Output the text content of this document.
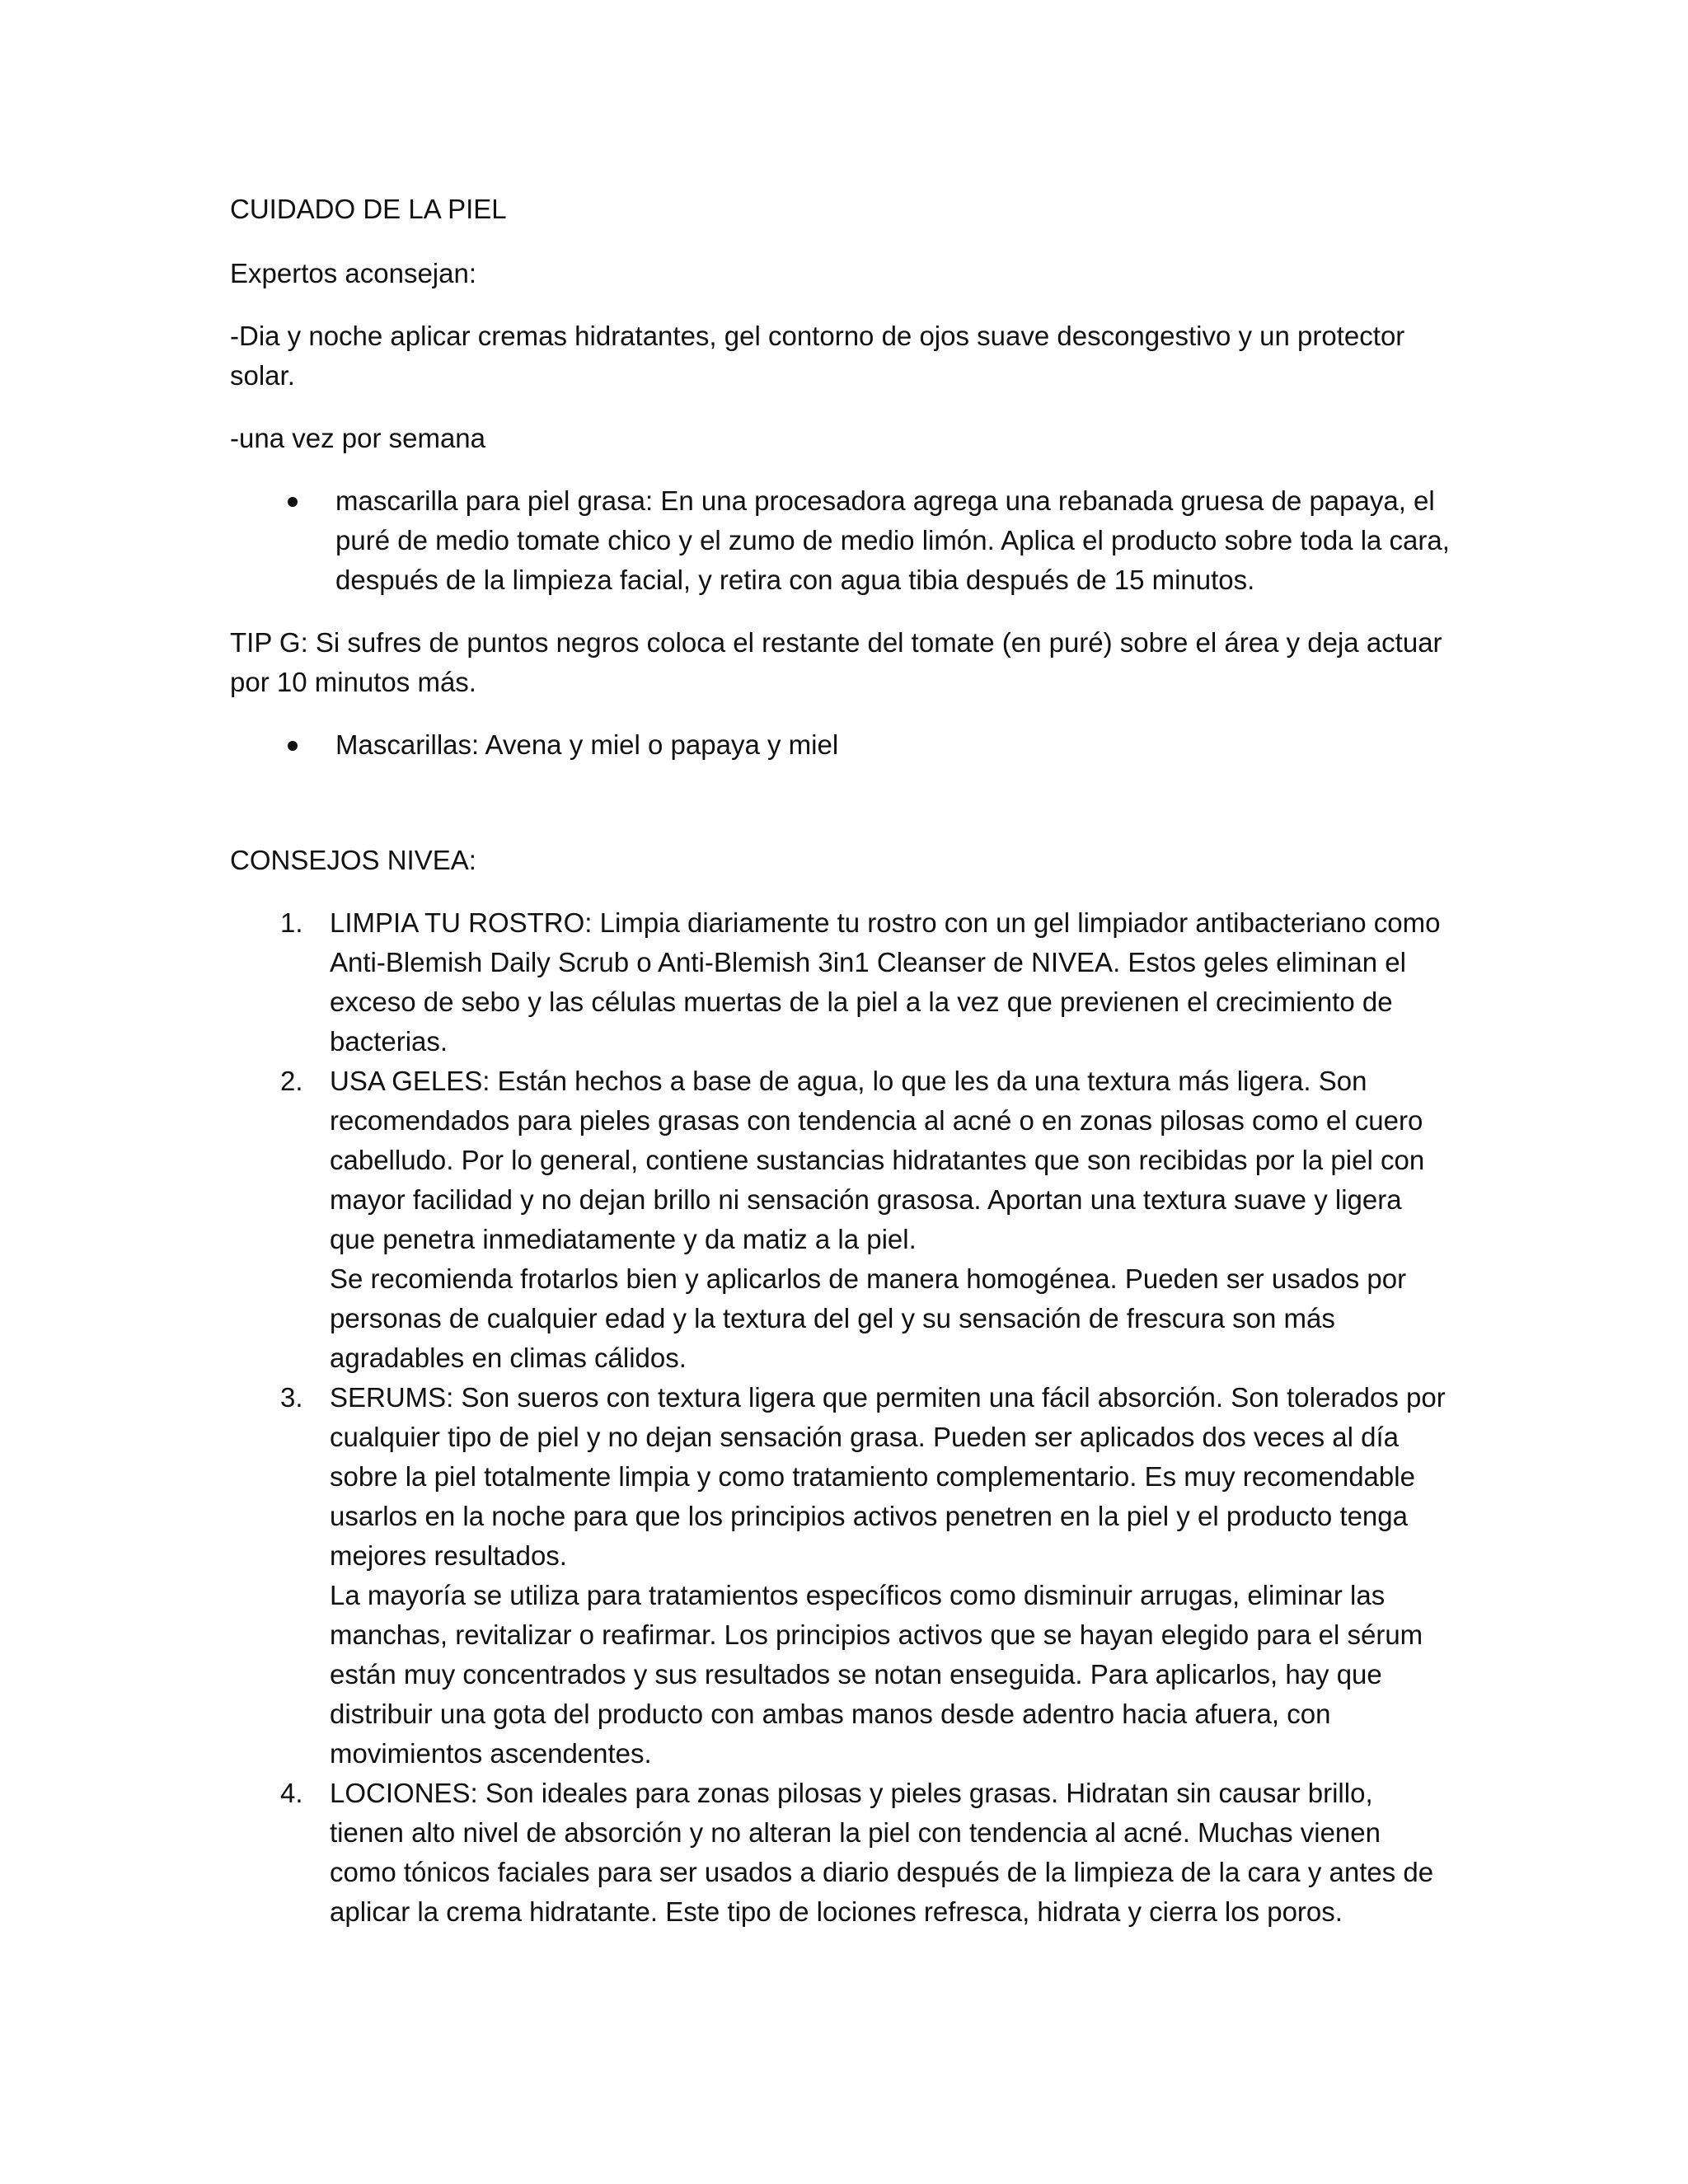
CUIDADO DE LA PIEL

Expertos aconsejan:

-Dia y noche aplicar cremas hidratantes, gel contorno de ojos suave descongestivo y un protector solar.

-una vez por semana

mascarilla para piel grasa: En una procesadora agrega una rebanada gruesa de papaya, el puré de medio tomate chico y el zumo de medio limón. Aplica el producto sobre toda la cara, después de la limpieza facial, y retira con agua tibia después de 15 minutos.

TIP G: Si sufres de puntos negros coloca el restante del tomate (en puré) sobre el área y deja actuar por 10 minutos más.

Mascarillas: Avena y miel o papaya y miel

CONSEJOS NIVEA:

1. LIMPIA TU ROSTRO: Limpia diariamente tu rostro con un gel limpiador antibacteriano como Anti-Blemish Daily Scrub o Anti-Blemish 3in1 Cleanser de NIVEA. Estos geles eliminan el exceso de sebo y las células muertas de la piel a la vez que previenen el crecimiento de bacterias.
2. USA GELES: Están hechos a base de agua, lo que les da una textura más ligera. Son recomendados para pieles grasas con tendencia al acné o en zonas pilosas como el cuero cabelludo. Por lo general, contiene sustancias hidratantes que son recibidas por la piel con mayor facilidad y no dejan brillo ni sensación grasosa. Aportan una textura suave y ligera que penetra inmediatamente y da matiz a la piel.
Se recomienda frotarlos bien y aplicarlos de manera homogénea. Pueden ser usados por personas de cualquier edad y la textura del gel y su sensación de frescura son más agradables en climas cálidos.
3. SERUMS: Son sueros con textura ligera que permiten una fácil absorción. Son tolerados por cualquier tipo de piel y no dejan sensación grasa. Pueden ser aplicados dos veces al día sobre la piel totalmente limpia y como tratamiento complementario. Es muy recomendable usarlos en la noche para que los principios activos penetren en la piel y el producto tenga mejores resultados.
La mayoría se utiliza para tratamientos específicos como disminuir arrugas, eliminar las manchas, revitalizar o reafirmar. Los principios activos que se hayan elegido para el sérum están muy concentrados y sus resultados se notan enseguida. Para aplicarlos, hay que distribuir una gota del producto con ambas manos desde adentro hacia afuera, con movimientos ascendentes.
4. LOCIONES: Son ideales para zonas pilosas y pieles grasas. Hidratan sin causar brillo, tienen alto nivel de absorción y no alteran la piel con tendencia al acné. Muchas vienen como tónicos faciales para ser usados a diario después de la limpieza de la cara y antes de aplicar la crema hidratante. Este tipo de lociones refresca, hidrata y cierra los poros.
